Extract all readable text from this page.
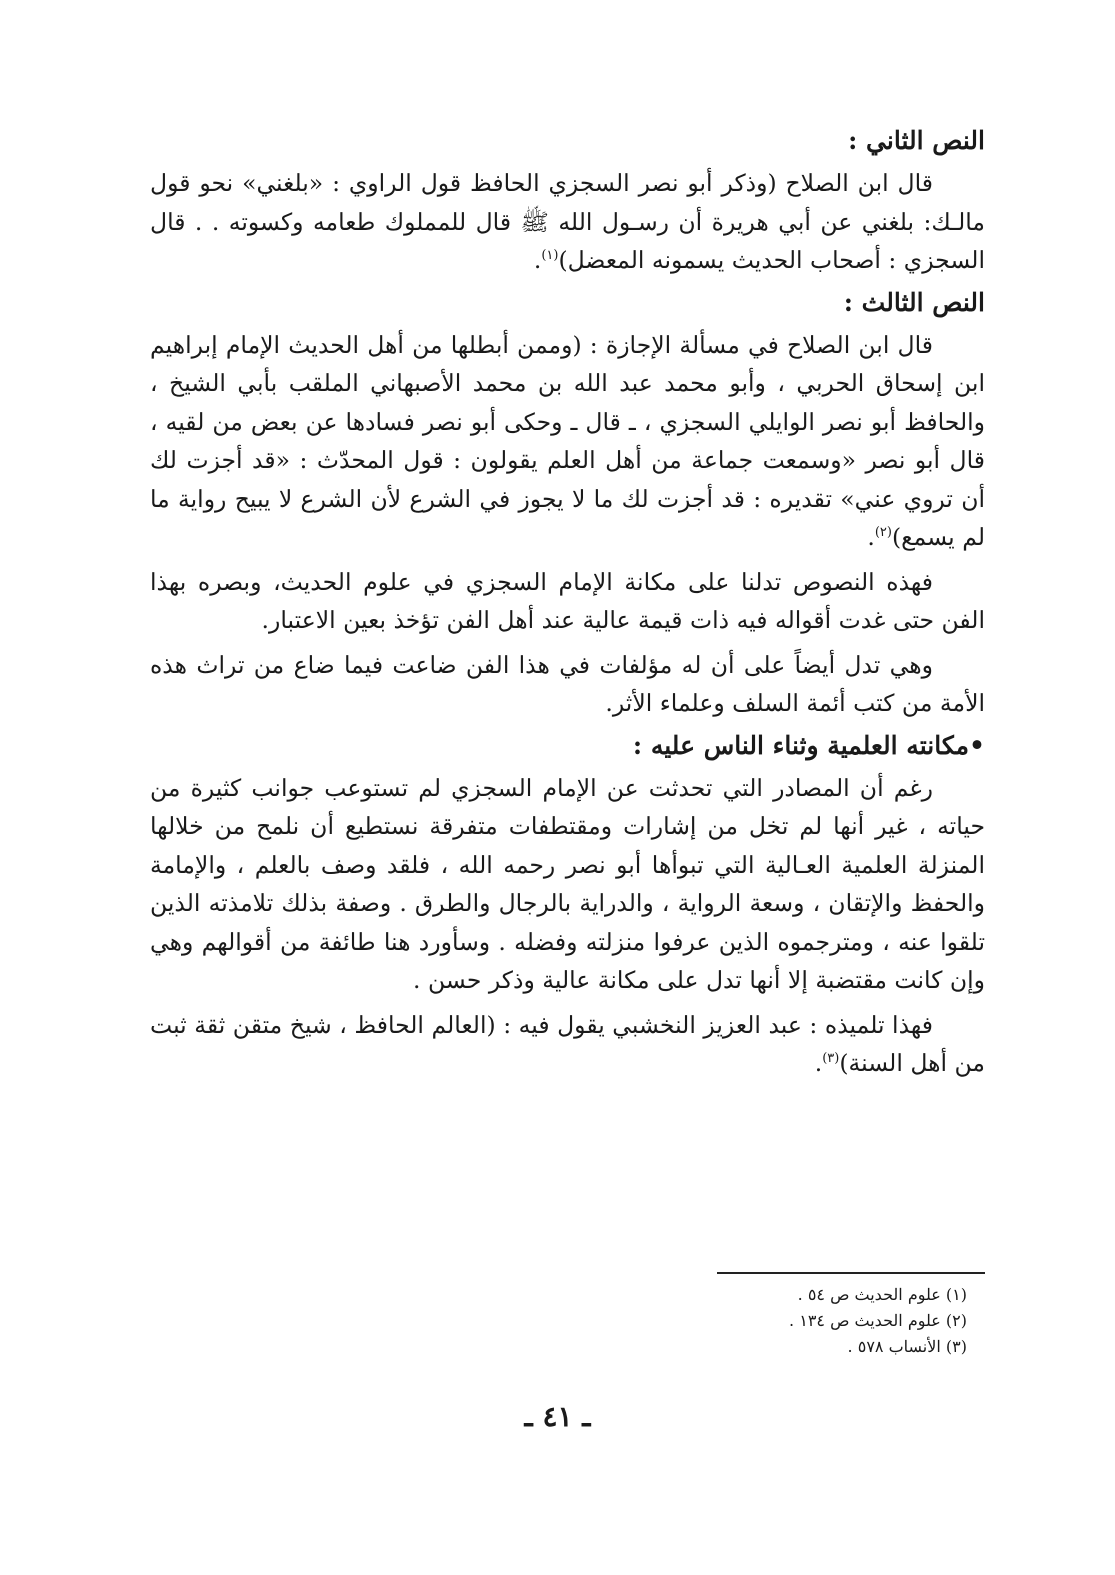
النص الثاني :

قال ابن الصلاح (وذكر أبو نصر السجزي الحافظ قول الراوي : «بلغني» نحو قول مالـك: بلغني عن أبي هريرة أن رسـول الله ﷺ قال للمملوك طعامه وكسوته . . قال السجزي : أصحاب الحديث يسمونه المعضل)$^{(١)}$.

النص الثالث :

قال ابن الصلاح في مسألة الإجازة : (وممن أبطلها من أهل الحديث الإمام إبراهيم ابن إسحاق الحربي ، وأبو محمد عبد الله بن محمد الأصبهاني الملقب بأبي الشيخ ، والحافظ أبو نصر الوايلي السجزي ، ـ قال ـ وحكى أبو نصر فسادها عن بعض من لقيه ، قال أبو نصر «وسمعت جماعة من أهل العلم يقولون : قول المحدّث : «قد أجزت لك أن تروي عني» تقديره : قد أجزت لك ما لا يجوز في الشرع لأن الشرع لا يبيح رواية ما لم يسمع)$^{(٢)}$.

فهذه النصوص تدلنا على مكانة الإمام السجزي في علوم الحديث، وبصره بهذا الفن حتى غدت أقواله فيه ذات قيمة عالية عند أهل الفن تؤخذ بعين الاعتبار.

وهي تدل أيضاً على أن له مؤلفات في هذا الفن ضاعت فيما ضاع من تراث هذه الأمة من كتب أئمة السلف وعلماء الأثر.

•مكانته العلمية وثناء الناس عليه :

رغم أن المصادر التي تحدثت عن الإمام السجزي لم تستوعب جوانب كثيرة من حياته ، غير أنها لم تخل من إشارات ومقتطفات متفرقة نستطيع أن نلمح من خلالها المنزلة العلمية العـالية التي تبوأها أبو نصر رحمه الله ، فلقد وصف بالعلم ، والإمامة والحفظ والإتقان ، وسعة الرواية ، والدراية بالرجال والطرق . وصفة بذلك تلامذته الذين تلقوا عنه ، ومترجموه الذين عرفوا منزلته وفضله . وسأورد هنا طائفة من أقوالهم وهي وإن كانت مقتضبة إلا أنها تدل على مكانة عالية وذكر حسن .

فهذا تلميذه : عبد العزيز النخشبي يقول فيه : (العالم الحافظ ، شيخ متقن ثقة ثبت من أهل السنة)$^{(٣)}$.

(١) علوم الحديث ص ٥٤ .

(٢) علوم الحديث ص ١٣٤ .

(٣) الأنساب ٥٧٨ .

ـ ٤١ ـ
